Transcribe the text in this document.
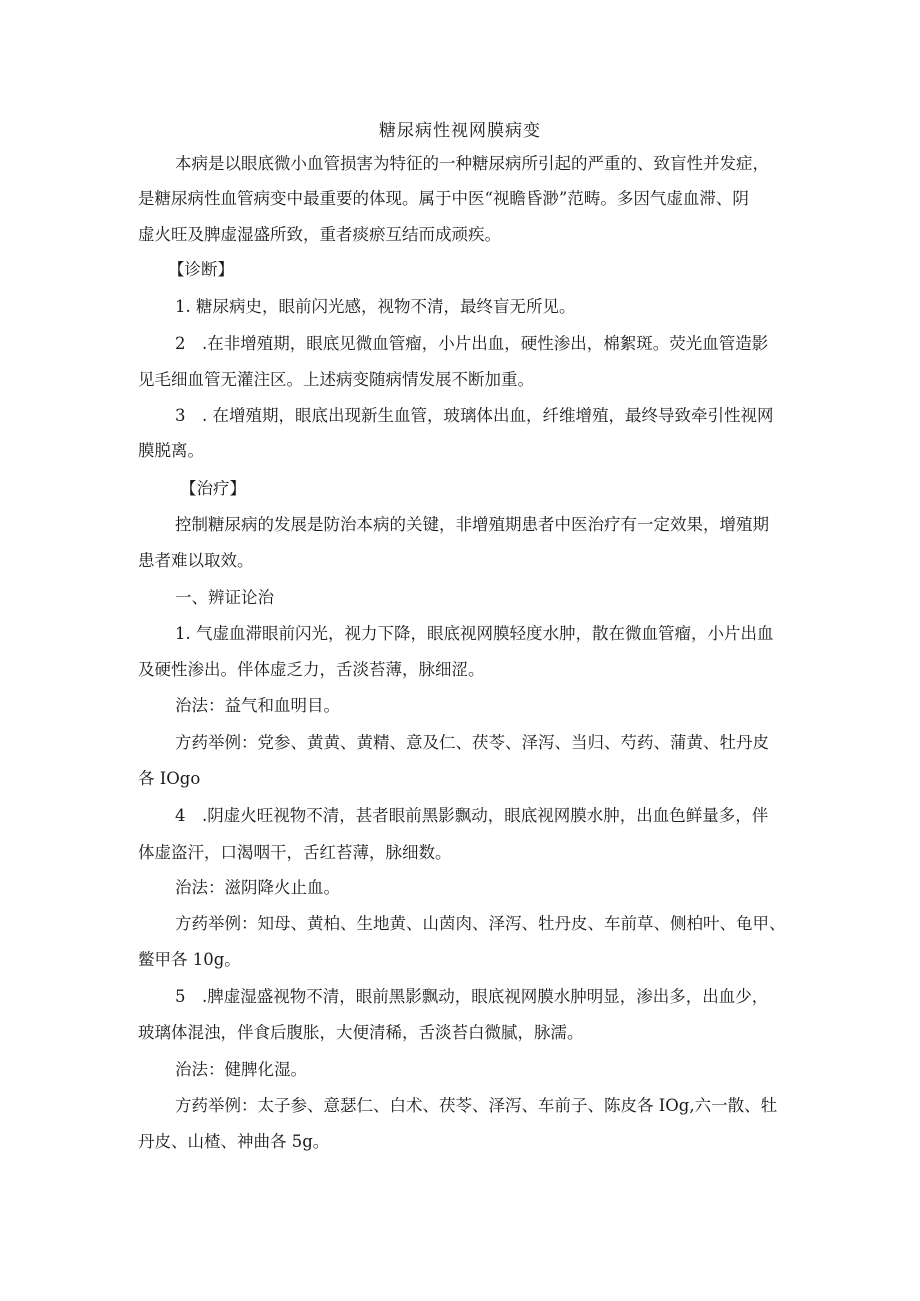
糖尿病性视网膜病变
本病是以眼底微小血管损害为特征的一种糖尿病所引起的严重的、致盲性并发症，
是糖尿病性血管病变中最重要的体现。属于中医“视瞻昏渺”范畴。多因气虚血滞、阴
虚火旺及脾虚湿盛所致，重者痰瘀互结而成顽疾。
【诊断】
1. 糖尿病史，眼前闪光感，视物不清，最终盲无所见。
2　.在非增殖期，眼底见微血管瘤，小片出血，硬性渗出，棉絮斑。荧光血管造影
见毛细血管无灌注区。上述病变随病情发展不断加重。
3　. 在增殖期，眼底出现新生血管，玻璃体出血，纤维增殖，最终导致牵引性视网
膜脱离。
【治疗】
控制糖尿病的发展是防治本病的关键，非增殖期患者中医治疗有一定效果，增殖期
患者难以取效。
一、辨证论治
1. 气虚血滞眼前闪光，视力下降，眼底视网膜轻度水肿，散在微血管瘤，小片出血
及硬性渗出。伴体虚乏力，舌淡苔薄，脉细涩。
治法：益气和血明目。
方药举例：党参、黄黄、黄精、意及仁、茯苓、泽泻、当归、芍药、蒲黄、牡丹皮
各 IOgo
4　.阴虚火旺视物不清，甚者眼前黑影飘动，眼底视网膜水肿，出血色鲜量多，伴
体虚盗汗，口渴咽干，舌红苔薄，脉细数。
治法：滋阴降火止血。
方药举例：知母、黄柏、生地黄、山茵肉、泽泻、牡丹皮、车前草、侧柏叶、龟甲、
鳖甲各 10g。
5　.脾虚湿盛视物不清，眼前黑影飘动，眼底视网膜水肿明显，渗出多，出血少，
玻璃体混浊，伴食后腹胀，大便清稀，舌淡苔白微腻，脉濡。
治法：健脾化湿。
方药举例：太子参、意瑟仁、白术、茯苓、泽泻、车前子、陈皮各 IOg,六一散、牡
丹皮、山楂、神曲各 5g。
